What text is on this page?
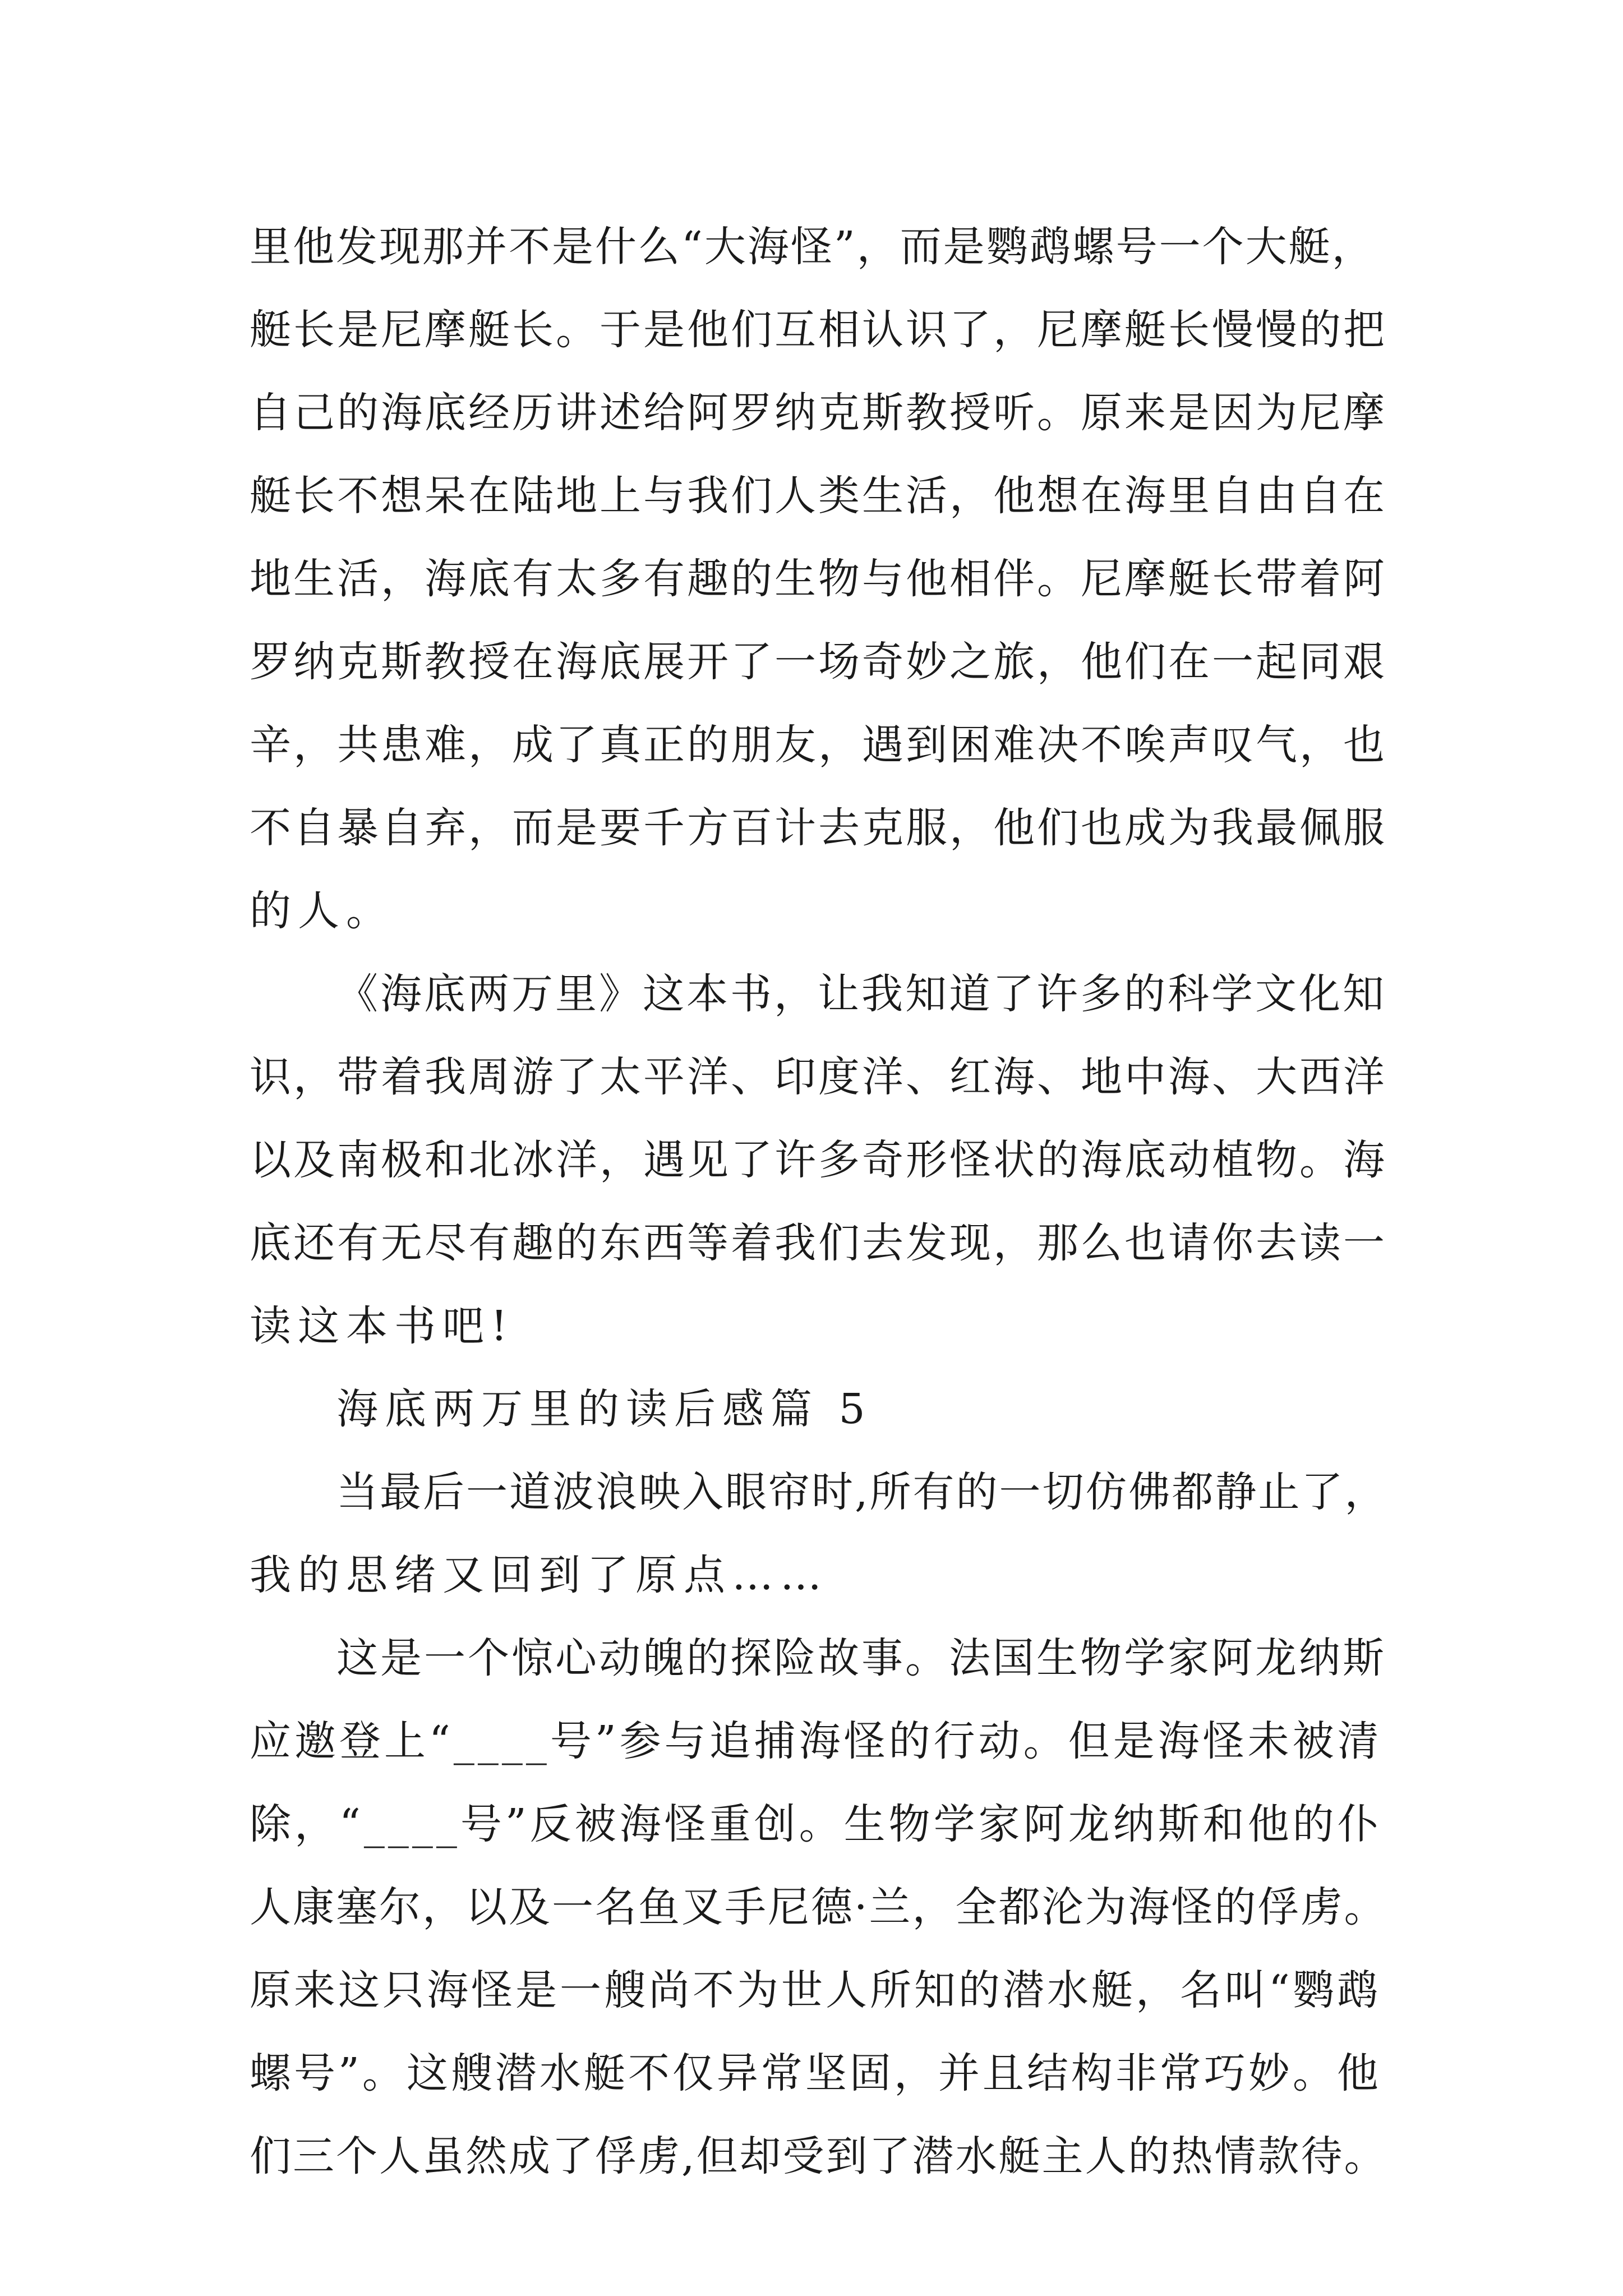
里他发现那并不是什么“大海怪”，而是鹦鹉螺号一个大艇，
艇长是尼摩艇长。于是他们互相认识了，尼摩艇长慢慢的把
自己的海底经历讲述给阿罗纳克斯教授听。原来是因为尼摩
艇长不想呆在陆地上与我们人类生活，他想在海里自由自在
地生活，海底有太多有趣的生物与他相伴。尼摩艇长带着阿
罗纳克斯教授在海底展开了一场奇妙之旅，他们在一起同艰
辛，共患难，成了真正的朋友，遇到困难决不唉声叹气，也
不自暴自弃，而是要千方百计去克服，他们也成为我最佩服
的人。
《海底两万里》这本书，让我知道了许多的科学文化知
识，带着我周游了太平洋、印度洋、红海、地中海、大西洋
以及南极和北冰洋，遇见了许多奇形怪状的海底动植物。海
底还有无尽有趣的东西等着我们去发现，那么也请你去读一
读这本书吧!
海底两万里的读后感篇 5
当最后一道波浪映入眼帘时,所有的一切仿佛都静止了，
我的思绪又回到了原点……
这是一个惊心动魄的探险故事。法国生物学家阿龙纳斯
应邀登上“____号”参与追捕海怪的行动。但是海怪未被清
除，“____号”反被海怪重创。生物学家阿龙纳斯和他的仆
人康塞尔，以及一名鱼叉手尼德·兰，全都沦为海怪的俘虏。
原来这只海怪是一艘尚不为世人所知的潜水艇，名叫“鹦鹉
螺号”。这艘潜水艇不仅异常坚固，并且结构非常巧妙。他
们三个人虽然成了俘虏,但却受到了潜水艇主人的热情款待。
